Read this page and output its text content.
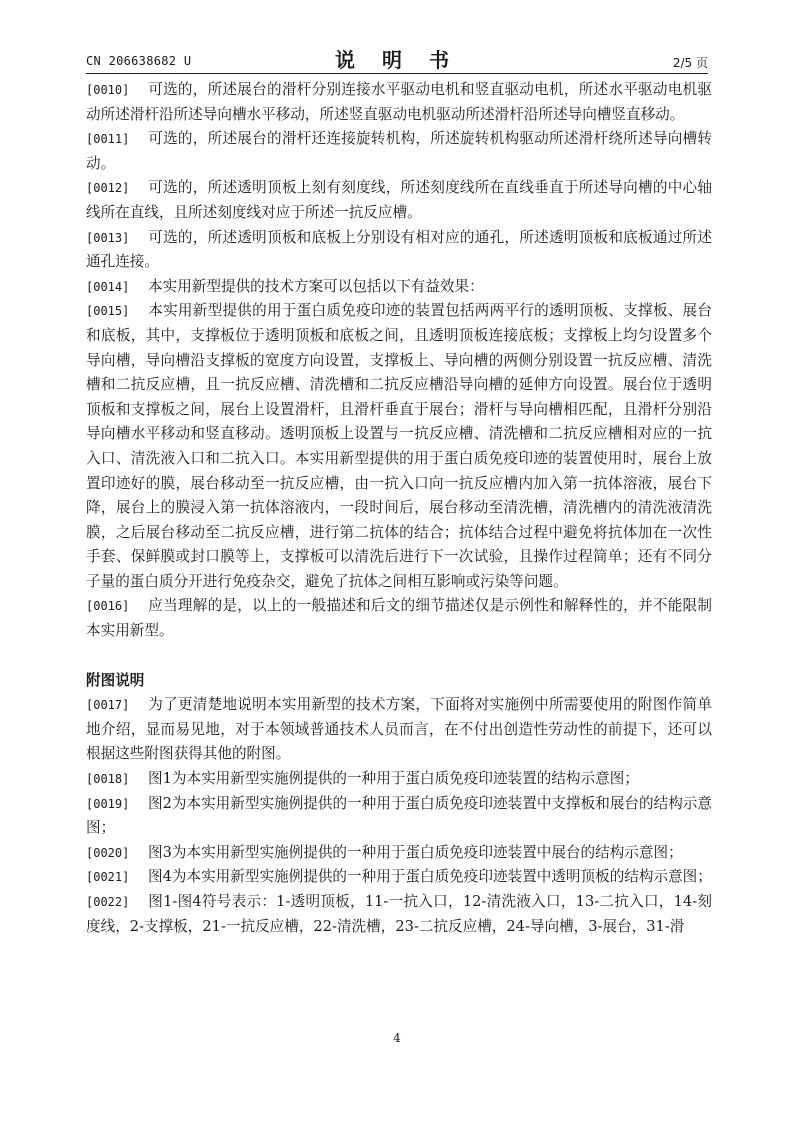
CN 206638682 U	说 明 书	2/5 页

[0010] 可选的，所述展台的滑杆分别连接水平驱动电机和竖直驱动电机，所述水平驱动电机驱动所述滑杆沿所述导向槽水平移动，所述竖直驱动电机驱动所述滑杆沿所述导向槽竖直移动。

[0011] 可选的，所述展台的滑杆还连接旋转机构，所述旋转机构驱动所述滑杆绕所述导向槽转动。

[0012] 可选的，所述透明顶板上刻有刻度线，所述刻度线所在直线垂直于所述导向槽的中心轴线所在直线，且所述刻度线对应于所述一抗反应槽。

[0013] 可选的，所述透明顶板和底板上分别设有相对应的通孔，所述透明顶板和底板通过所述通孔连接。

[0014] 本实用新型提供的技术方案可以包括以下有益效果：

[0015] 本实用新型提供的用于蛋白质免疫印迹的装置包括两两平行的透明顶板、支撑板、展台和底板，其中，支撑板位于透明顶板和底板之间，且透明顶板连接底板；支撑板上均匀设置多个导向槽，导向槽沿支撑板的宽度方向设置，支撑板上、导向槽的两侧分别设置一抗反应槽、清洗槽和二抗反应槽，且一抗反应槽、清洗槽和二抗反应槽沿导向槽的延伸方向设置。展台位于透明顶板和支撑板之间，展台上设置滑杆，且滑杆垂直于展台；滑杆与导向槽相匹配，且滑杆分别沿导向槽水平移动和竖直移动。透明顶板上设置与一抗反应槽、清洗槽和二抗反应槽相对应的一抗入口、清洗液入口和二抗入口。本实用新型提供的用于蛋白质免疫印迹的装置使用时，展台上放置印迹好的膜，展台移动至一抗反应槽，由一抗入口向一抗反应槽内加入第一抗体溶液，展台下降，展台上的膜浸入第一抗体溶液内，一段时间后，展台移动至清洗槽，清洗槽内的清洗液清洗膜，之后展台移动至二抗反应槽，进行第二抗体的结合；抗体结合过程中避免将抗体加在一次性手套、保鲜膜或封口膜等上，支撑板可以清洗后进行下一次试验，且操作过程简单；还有不同分子量的蛋白质分开进行免疫杂交，避免了抗体之间相互影响或污染等问题。

[0016] 应当理解的是，以上的一般描述和后文的细节描述仅是示例性和解释性的，并不能限制本实用新型。

附图说明

[0017] 为了更清楚地说明本实用新型的技术方案，下面将对实施例中所需要使用的附图作简单地介绍，显而易见地，对于本领域普通技术人员而言，在不付出创造性劳动性的前提下，还可以根据这些附图获得其他的附图。

[0018] 图1为本实用新型实施例提供的一种用于蛋白质免疫印迹装置的结构示意图；

[0019] 图2为本实用新型实施例提供的一种用于蛋白质免疫印迹装置中支撑板和展台的结构示意图；

[0020] 图3为本实用新型实施例提供的一种用于蛋白质免疫印迹装置中展台的结构示意图；

[0021] 图4为本实用新型实施例提供的一种用于蛋白质免疫印迹装置中透明顶板的结构示意图；

[0022] 图1-图4符号表示：1-透明顶板，11-一抗入口，12-清洗液入口，13-二抗入口，14-刻度线，2-支撑板，21-一抗反应槽，22-清洗槽，23-二抗反应槽，24-导向槽，3-展台，31-滑

4
